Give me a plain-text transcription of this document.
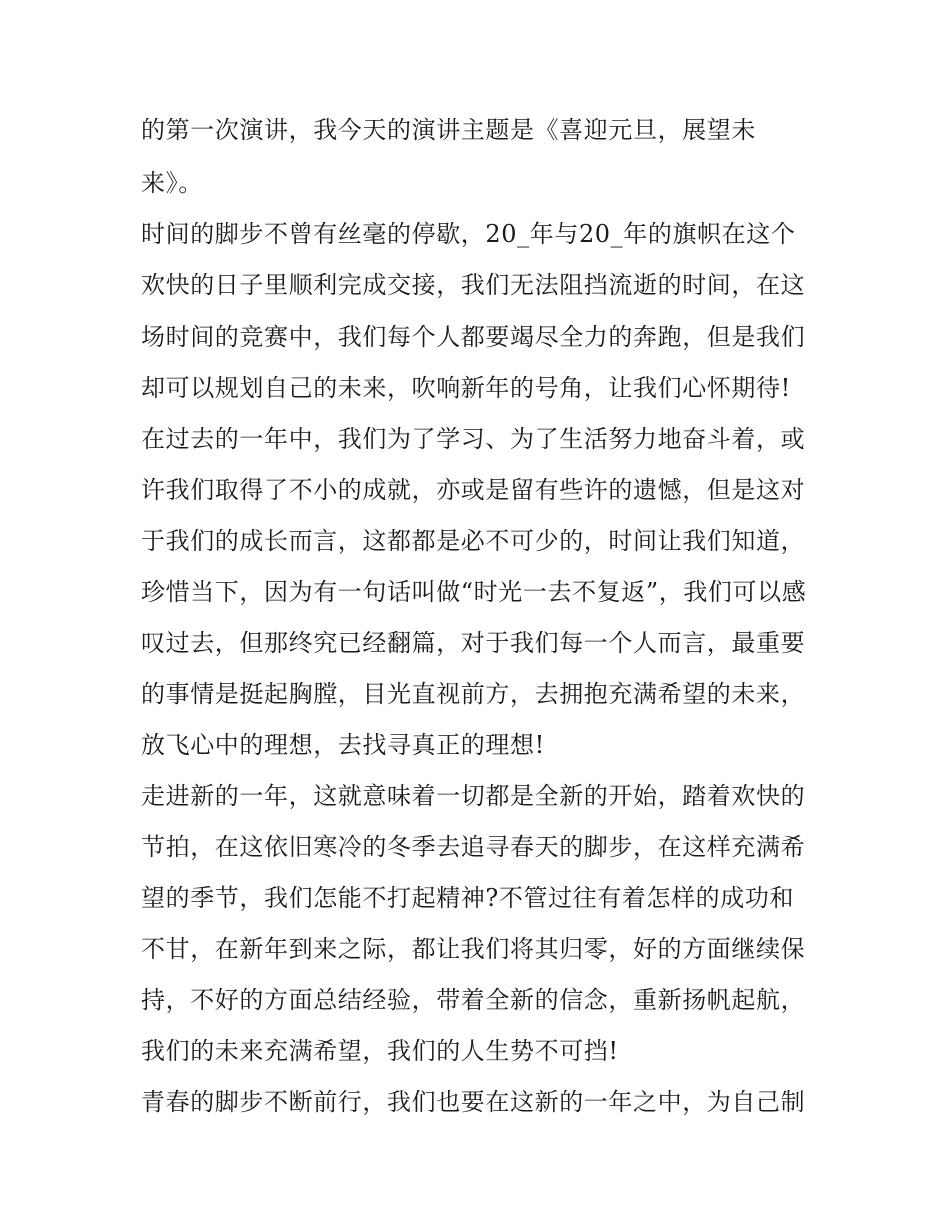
的第一次演讲，我今天的演讲主题是《喜迎元旦，展望未

来》。

时间的脚步不曾有丝毫的停歇，20_年与20_年的旗帜在这个

欢快的日子里顺利完成交接，我们无法阻挡流逝的时间，在这

场时间的竞赛中，我们每个人都要竭尽全力的奔跑，但是我们

却可以规划自己的未来，吹响新年的号角，让我们心怀期待!

在过去的一年中，我们为了学习、为了生活努力地奋斗着，或

许我们取得了不小的成就，亦或是留有些许的遗憾，但是这对

于我们的成长而言，这都都是必不可少的，时间让我们知道，

珍惜当下，因为有一句话叫做“时光一去不复返”，我们可以感

叹过去，但那终究已经翻篇，对于我们每一个人而言，最重要

的事情是挺起胸膛，目光直视前方，去拥抱充满希望的未来，

放飞心中的理想，去找寻真正的理想!

走进新的一年，这就意味着一切都是全新的开始，踏着欢快的

节拍，在这依旧寒冷的冬季去追寻春天的脚步，在这样充满希

望的季节，我们怎能不打起精神?不管过往有着怎样的成功和

不甘，在新年到来之际，都让我们将其归零，好的方面继续保

持，不好的方面总结经验，带着全新的信念，重新扬帆起航，

我们的未来充满希望，我们的人生势不可挡!

青春的脚步不断前行，我们也要在这新的一年之中，为自己制
